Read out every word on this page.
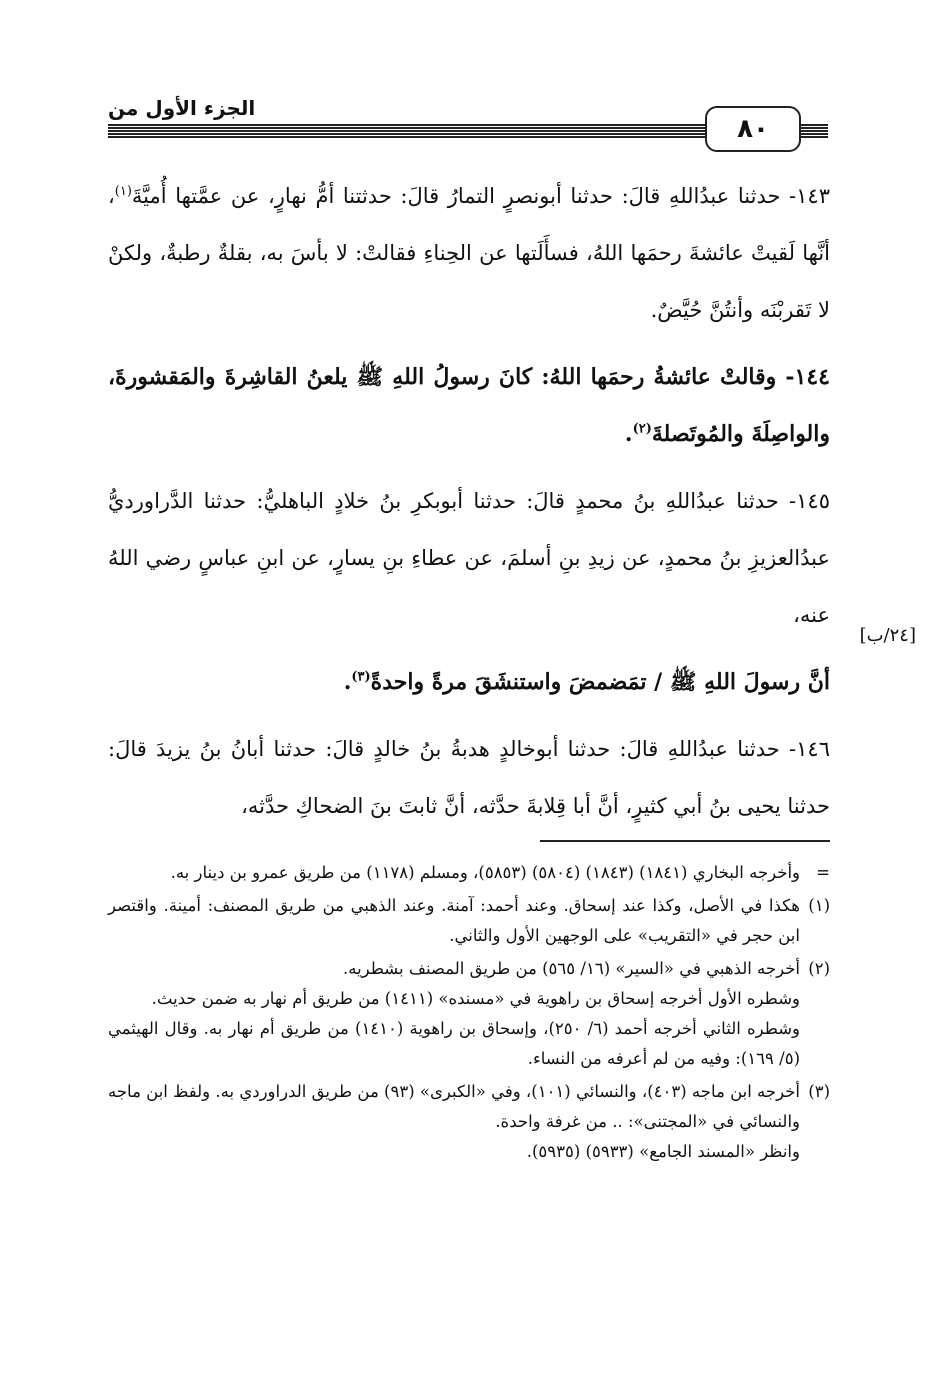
الجزء الأول من
٨٠
[٢٤/ب]

١٤٣- حدثنا عبدُاللهِ قالَ: حدثنا أبونصرٍ التمارُ قالَ: حدثتنا أمُّ نهارٍ، عن عمَّتها أُميَّةَ$^{(١)}$، أنَّها لَقيتْ عائشةَ رحمَها اللهُ، فسأَلَتها عن الحِناءِ فقالتْ: لا بأسَ به، بقلةٌ رطبةٌ، ولكنْ لا تَقربْنَه وأنتُنَّ حُيَّضٌ.

١٤٤- وقالتْ عائشةُ رحمَها اللهُ: كانَ رسولُ اللهِ ﷺ يلعنُ القاشِرةَ والمَقشورةَ، والواصِلَةَ والمُوتَصلةَ$^{(٢)}$.

١٤٥- حدثنا عبدُاللهِ بنُ محمدٍ قالَ: حدثنا أبوبكرِ بنُ خلادٍ الباهليُّ: حدثنا الدَّراورديُّ عبدُالعزيزِ بنُ محمدٍ، عن زيدِ بنِ أسلمَ، عن عطاءِ بنِ يسارٍ، عن ابنِ عباسٍ رضي اللهُ عنه،

أنَّ رسولَ اللهِ ﷺ / تمَضمضَ واستنشَقَ مرةً واحدةً$^{(٣)}$.

١٤٦- حدثنا عبدُاللهِ قالَ: حدثنا أبوخالدٍ هدبةُ بنُ خالدٍ قالَ: حدثنا أبانُ بنُ يزيدَ قالَ: حدثنا يحيى بنُ أبي كثيرٍ، أنَّ أبا قِلابةَ حدَّثه، أنَّ ثابتَ بنَ الضحاكِ حدَّثه،

=
وأخرجه البخاري (١٨٤١) (١٨٤٣) (٥٨٠٤) (٥٨٥٣)، ومسلم (١١٧٨) من طريق عمرو بن دينار به.
(١)
هكذا في الأصل، وكذا عند إسحاق. وعند أحمد: آمنة. وعند الذهبي من طريق المصنف: أمينة. واقتصر ابن حجر في «التقريب» على الوجهين الأول والثاني.
(٢)
أخرجه الذهبي في «السير» (١٦/ ٥٦٥) من طريق المصنف بشطريه.
وشطره الأول أخرجه إسحاق بن راهوية في «مسنده» (١٤١١) من طريق أم نهار به ضمن حديث.
وشطره الثاني أخرجه أحمد (٦/ ٢٥٠)، وإسحاق بن راهوية (١٤١٠) من طريق أم نهار به. وقال الهيثمي (٥/ ١٦٩): وفيه من لم أعرفه من النساء.
(٣)
أخرجه ابن ماجه (٤٠٣)، والنسائي (١٠١)، وفي «الكبرى» (٩٣) من طريق الدراوردي به. ولفظ ابن ماجه والنسائي في «المجتنى»: .. من غرفة واحدة.
وانظر «المسند الجامع» (٥٩٣٣) (٥٩٣٥).
